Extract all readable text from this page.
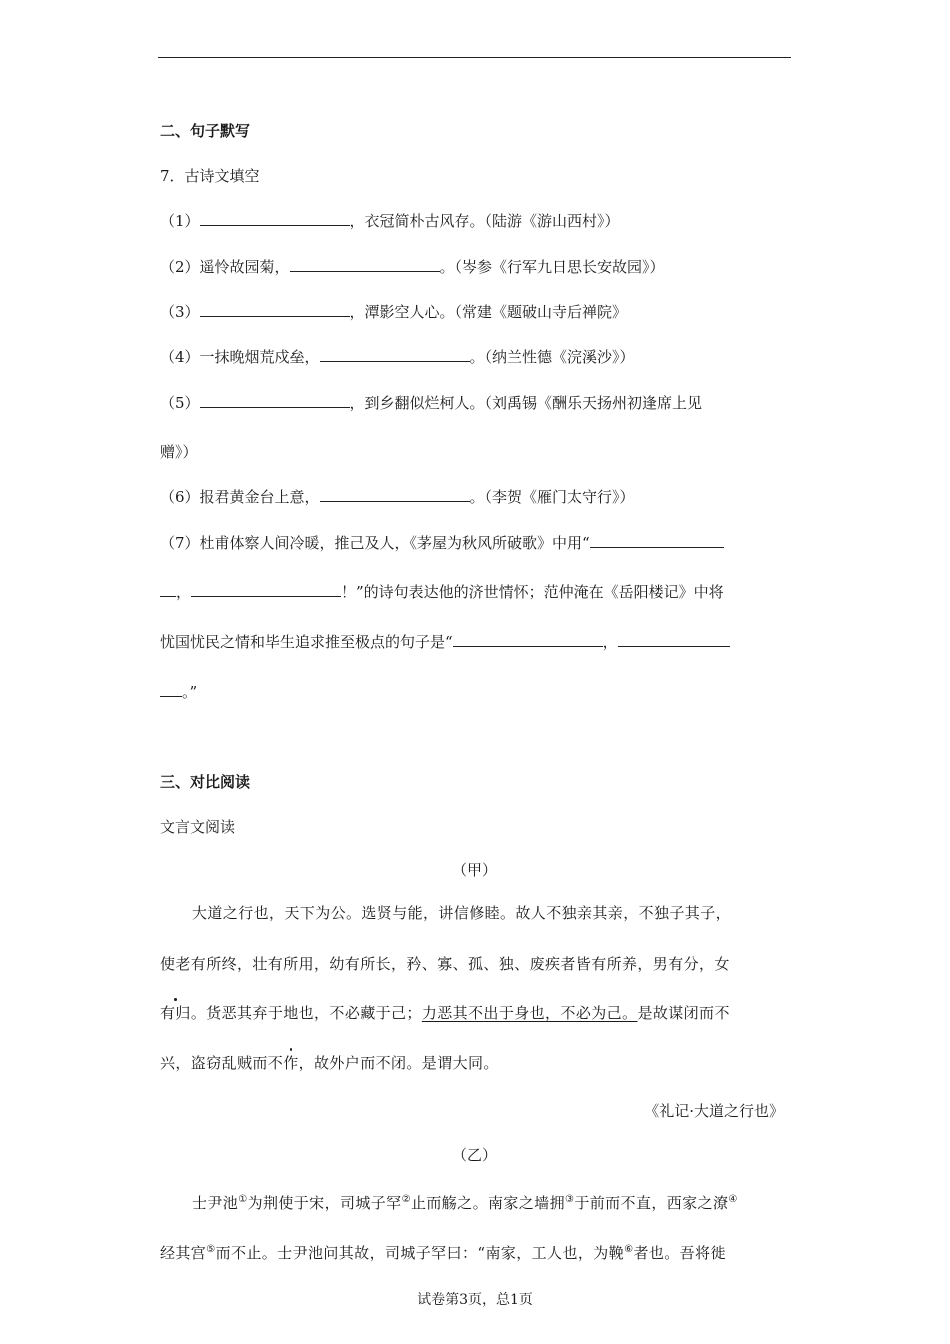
二、句子默写
7．古诗文填空
（1）	，衣冠简朴古风存。（陆游《游山西村》）
（2）遥怜故园菊，	。（岑参《行军九日思长安故园》）
（3）	，潭影空人心。（常建《题破山寺后禅院》
（4）一抹晚烟荒戍垒，	。（纳兰性德《浣溪沙》）
（5）	，到乡翻似烂柯人。（刘禹锡《酬乐天扬州初逢席上见
赠》）
（6）报君黄金台上意，	。（李贺《雁门太守行》）
（7）杜甫体察人间冷暖，推己及人，《茅屋为秋风所破歌》中用“
，	！”的诗句表达他的济世情怀；范仲淹在《岳阳楼记》中将
忧国忧民之情和毕生追求推至极点的句子是“	，
。”
三、对比阅读
文言文阅读
（甲）
大道之行也，天下为公。选贤与能，讲信修睦。故人不独亲其亲，不独子其子，
使老有所终，壮有所用，幼有所长，矜、寡、孤、独、废疾者皆有所养，男有分，女
有归。货恶其弃于地也，不必藏于己；力恶其不出于身也，不必为己。是故谋闭而不
兴，盗窃乱贼而不作，故外户而不闭。是谓大同。
《礼记·大道之行也》
（乙）
士尹池①为荆使于宋，司城子罕②止而觞之。南家之墙拥③于前而不直，西家之潦④
经其宫⑤而不止。士尹池问其故，司城子罕曰：“南家，工人也，为鞔⑥者也。吾将徙
试卷第3页，总1页
